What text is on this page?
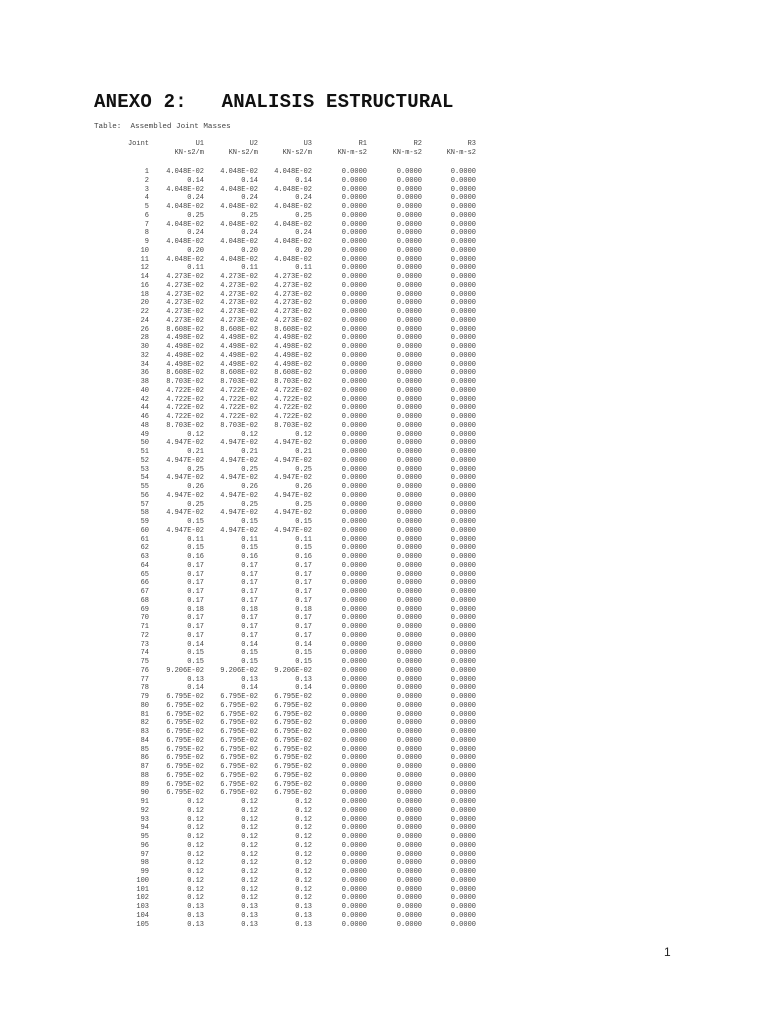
ANEXO 2:   ANALISIS ESTRUCTURAL
Table:  Assembled Joint Masses
Joint	U1	U2	U3	R1	R2	R3
	KN-s2/m	KN-s2/m	KN-s2/m	KN-m-s2	KN-m-s2	KN-m-s2

1	4.048E-02	4.048E-02	4.048E-02	0.0000	0.0000	0.0000
2	0.14	0.14	0.14	0.0000	0.0000	0.0000
3	4.048E-02	4.048E-02	4.048E-02	0.0000	0.0000	0.0000
4	0.24	0.24	0.24	0.0000	0.0000	0.0000
5	4.048E-02	4.048E-02	4.048E-02	0.0000	0.0000	0.0000
6	0.25	0.25	0.25	0.0000	0.0000	0.0000
7	4.048E-02	4.048E-02	4.048E-02	0.0000	0.0000	0.0000
8	0.24	0.24	0.24	0.0000	0.0000	0.0000
9	4.048E-02	4.048E-02	4.048E-02	0.0000	0.0000	0.0000
10	0.20	0.20	0.20	0.0000	0.0000	0.0000
11	4.048E-02	4.048E-02	4.048E-02	0.0000	0.0000	0.0000
12	0.11	0.11	0.11	0.0000	0.0000	0.0000
14	4.273E-02	4.273E-02	4.273E-02	0.0000	0.0000	0.0000
16	4.273E-02	4.273E-02	4.273E-02	0.0000	0.0000	0.0000
18	4.273E-02	4.273E-02	4.273E-02	0.0000	0.0000	0.0000
20	4.273E-02	4.273E-02	4.273E-02	0.0000	0.0000	0.0000
22	4.273E-02	4.273E-02	4.273E-02	0.0000	0.0000	0.0000
24	4.273E-02	4.273E-02	4.273E-02	0.0000	0.0000	0.0000
26	8.608E-02	8.608E-02	8.608E-02	0.0000	0.0000	0.0000
28	4.498E-02	4.498E-02	4.498E-02	0.0000	0.0000	0.0000
30	4.498E-02	4.498E-02	4.498E-02	0.0000	0.0000	0.0000
32	4.498E-02	4.498E-02	4.498E-02	0.0000	0.0000	0.0000
34	4.498E-02	4.498E-02	4.498E-02	0.0000	0.0000	0.0000
36	8.608E-02	8.608E-02	8.608E-02	0.0000	0.0000	0.0000
38	8.703E-02	8.703E-02	8.703E-02	0.0000	0.0000	0.0000
40	4.722E-02	4.722E-02	4.722E-02	0.0000	0.0000	0.0000
42	4.722E-02	4.722E-02	4.722E-02	0.0000	0.0000	0.0000
44	4.722E-02	4.722E-02	4.722E-02	0.0000	0.0000	0.0000
46	4.722E-02	4.722E-02	4.722E-02	0.0000	0.0000	0.0000
48	8.703E-02	8.703E-02	8.703E-02	0.0000	0.0000	0.0000
49	0.12	0.12	0.12	0.0000	0.0000	0.0000
50	4.947E-02	4.947E-02	4.947E-02	0.0000	0.0000	0.0000
51	0.21	0.21	0.21	0.0000	0.0000	0.0000
52	4.947E-02	4.947E-02	4.947E-02	0.0000	0.0000	0.0000
53	0.25	0.25	0.25	0.0000	0.0000	0.0000
54	4.947E-02	4.947E-02	4.947E-02	0.0000	0.0000	0.0000
55	0.26	0.26	0.26	0.0000	0.0000	0.0000
56	4.947E-02	4.947E-02	4.947E-02	0.0000	0.0000	0.0000
57	0.25	0.25	0.25	0.0000	0.0000	0.0000
58	4.947E-02	4.947E-02	4.947E-02	0.0000	0.0000	0.0000
59	0.15	0.15	0.15	0.0000	0.0000	0.0000
60	4.947E-02	4.947E-02	4.947E-02	0.0000	0.0000	0.0000
61	0.11	0.11	0.11	0.0000	0.0000	0.0000
62	0.15	0.15	0.15	0.0000	0.0000	0.0000
63	0.16	0.16	0.16	0.0000	0.0000	0.0000
64	0.17	0.17	0.17	0.0000	0.0000	0.0000
65	0.17	0.17	0.17	0.0000	0.0000	0.0000
66	0.17	0.17	0.17	0.0000	0.0000	0.0000
67	0.17	0.17	0.17	0.0000	0.0000	0.0000
68	0.17	0.17	0.17	0.0000	0.0000	0.0000
69	0.18	0.18	0.18	0.0000	0.0000	0.0000
70	0.17	0.17	0.17	0.0000	0.0000	0.0000
71	0.17	0.17	0.17	0.0000	0.0000	0.0000
72	0.17	0.17	0.17	0.0000	0.0000	0.0000
73	0.14	0.14	0.14	0.0000	0.0000	0.0000
74	0.15	0.15	0.15	0.0000	0.0000	0.0000
75	0.15	0.15	0.15	0.0000	0.0000	0.0000
76	9.206E-02	9.206E-02	9.206E-02	0.0000	0.0000	0.0000
77	0.13	0.13	0.13	0.0000	0.0000	0.0000
78	0.14	0.14	0.14	0.0000	0.0000	0.0000
79	6.795E-02	6.795E-02	6.795E-02	0.0000	0.0000	0.0000
80	6.795E-02	6.795E-02	6.795E-02	0.0000	0.0000	0.0000
81	6.795E-02	6.795E-02	6.795E-02	0.0000	0.0000	0.0000
82	6.795E-02	6.795E-02	6.795E-02	0.0000	0.0000	0.0000
83	6.795E-02	6.795E-02	6.795E-02	0.0000	0.0000	0.0000
84	6.795E-02	6.795E-02	6.795E-02	0.0000	0.0000	0.0000
85	6.795E-02	6.795E-02	6.795E-02	0.0000	0.0000	0.0000
86	6.795E-02	6.795E-02	6.795E-02	0.0000	0.0000	0.0000
87	6.795E-02	6.795E-02	6.795E-02	0.0000	0.0000	0.0000
88	6.795E-02	6.795E-02	6.795E-02	0.0000	0.0000	0.0000
89	6.795E-02	6.795E-02	6.795E-02	0.0000	0.0000	0.0000
90	6.795E-02	6.795E-02	6.795E-02	0.0000	0.0000	0.0000
91	0.12	0.12	0.12	0.0000	0.0000	0.0000
92	0.12	0.12	0.12	0.0000	0.0000	0.0000
93	0.12	0.12	0.12	0.0000	0.0000	0.0000
94	0.12	0.12	0.12	0.0000	0.0000	0.0000
95	0.12	0.12	0.12	0.0000	0.0000	0.0000
96	0.12	0.12	0.12	0.0000	0.0000	0.0000
97	0.12	0.12	0.12	0.0000	0.0000	0.0000
98	0.12	0.12	0.12	0.0000	0.0000	0.0000
99	0.12	0.12	0.12	0.0000	0.0000	0.0000
100	0.12	0.12	0.12	0.0000	0.0000	0.0000
101	0.12	0.12	0.12	0.0000	0.0000	0.0000
102	0.12	0.12	0.12	0.0000	0.0000	0.0000
103	0.13	0.13	0.13	0.0000	0.0000	0.0000
104	0.13	0.13	0.13	0.0000	0.0000	0.0000
105	0.13	0.13	0.13	0.0000	0.0000	0.0000
1
